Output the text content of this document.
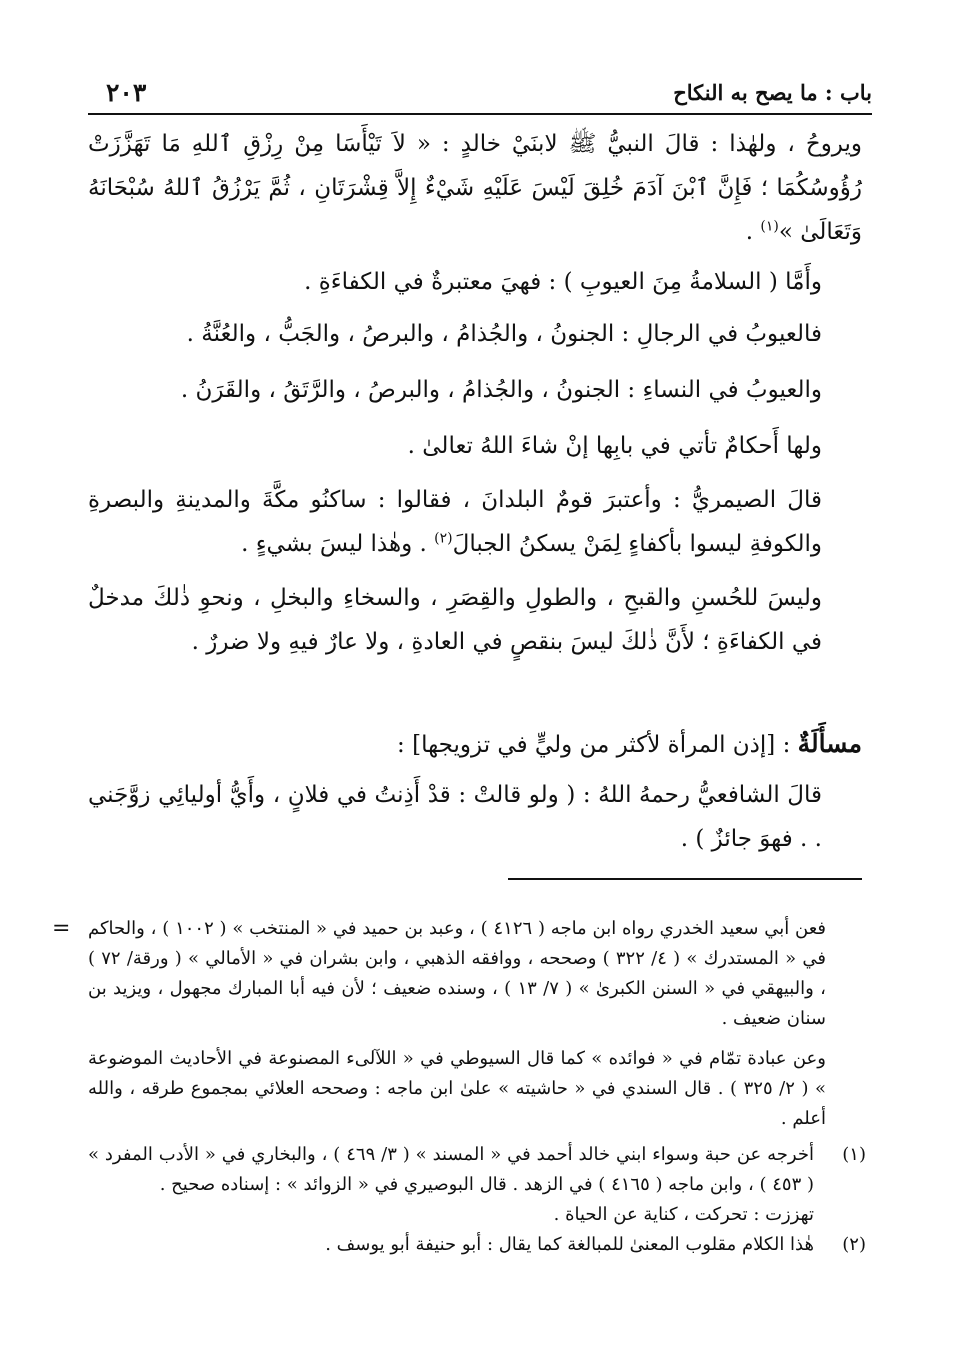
باب : ما يصح به النكاح
٢٠٣

ويروحُ ، ولهٰذا : قالَ النبيُّ ﷺ لابنَيْ خالدٍ : « لاَ تَيْأَسَا مِنْ رِزْقِ ٱللهِ مَا تَهَزَّزَتْ رُؤُوسُكُمَا ؛ فَإِنَّ ٱبْنَ آدَمَ خُلِقَ لَيْسَ عَلَيْهِ شَيْءٌ إِلاَّ قِشْرَتَانِ ، ثُمَّ يَرْزُقُ ٱللهُ سُبْحَانَهُ وَتَعَالَىٰ »$^{(١)}$ .

وأَمَّا ( السلامةُ مِنَ العيوبِ ) : فهيَ معتبرةٌ في الكفاءَةِ .

فالعيوبُ في الرجالِ : الجنونُ ، والجُذامُ ، والبرصُ ، والجَبُّ ، والعُنَّةُ .

والعيوبُ في النساءِ : الجنونُ ، والجُذامُ ، والبرصُ ، والرَّتَقُ ، والقَرَنُ .

ولها أَحكامٌ تأتي في بابِها إنْ شاءَ اللهُ تعالىٰ .

قالَ الصيمريُّ : وأعتبرَ قومٌ البلدانَ ، فقالوا : ساكنُو مكَّةَ والمدينةِ والبصرةِ والكوفةِ ليسوا بأكفاءٍ لِمَنْ يسكنُ الجبالَ$^{(٢)}$ . وهٰذا ليسَ بشيءٍ .

وليسَ للحُسنِ والقبحِ ، والطولِ والقِصَرِ ، والسخاءِ والبخلِ ، ونحوِ ذٰلكَ مدخلٌ في الكفاءَةِ ؛ لأَنَّ ذٰلكَ ليسَ بنقصٍ في العادةِ ، ولا عارٌ فيهِ ولا ضررٌ .

مسأَلَةٌ : [إذن المرأة لأكثر من وليٍّ في تزويجها] :

قالَ الشافعيُّ رحمهُ اللهُ : ( ولو قالتْ : قدْ أَذِنتُ في فلانٍ ، وأَيُّ أوليائِي زوَّجَني . . فهوَ جائزٌ ) .

= فعن أبي سعيد الخدري رواه ابن ماجه ( ٤١٢٦ ) ، وعبد بن حميد في « المنتخب » ( ١٠٠٢ ) ، والحاكم في « المستدرك » ( ٤/ ٣٢٢ ) وصححه ، ووافقه الذهبي ، وابن بشران في « الأمالي » ( ورقة/ ٧٢ ) ، والبيهقي في « السنن الكبرىٰ » ( ٧/ ١٣ ) ، وسنده ضعيف ؛ لأن فيه أبا المبارك مجهول ، ويزيد بن سنان ضعيف .

وعن عبادة تمّام في « فوائده » كما قال السيوطي في « اللآلىء المصنوعة في الأحاديث الموضوعة » ( ٢/ ٣٢٥ ) . قال السندي في « حاشيته » علىٰ ابن ماجه : وصححه العلائي بمجموع طرقه ، والله أعلم .

(١)
أخرجه عن حبة وسواء ابني خالد أحمد في « المسند » ( ٣/ ٤٦٩ ) ، والبخاري في « الأدب المفرد » ( ٤٥٣ ) ، وابن ماجه ( ٤١٦٥ ) في الزهد . قال البوصيري في « الزوائد » : إسناده صحيح .

تهززت : تحركت ، كناية عن الحياة .

(٢)
هٰذا الكلام مقلوب المعنىٰ للمبالغة كما يقال : أبو حنيفة أبو يوسف .
